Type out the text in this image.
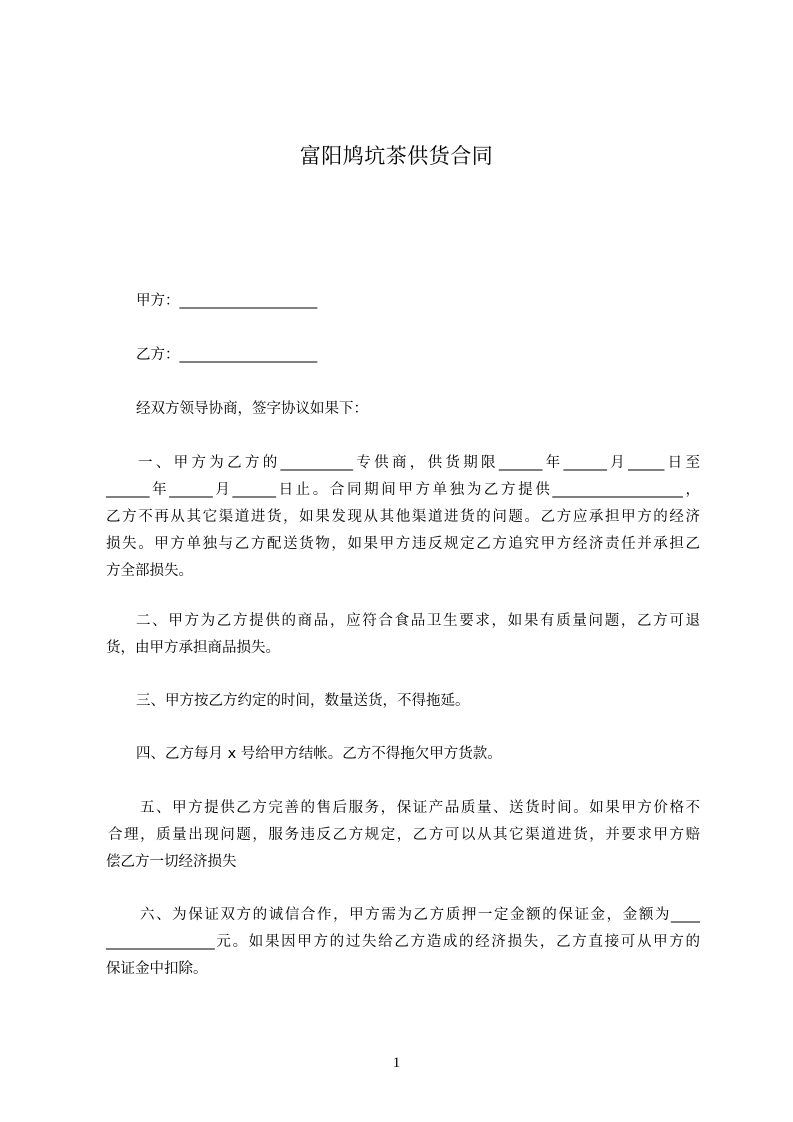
富阳鸠坑茶供货合同
甲方：___________________
乙方：___________________
经双方领导协商，签字协议如果下：
一、甲方为乙方的__________专供商，供货期限______年______月_____日至
______年______月______日止。合同期间甲方单独为乙方提供__________________，
乙方不再从其它渠道进货，如果发现从其他渠道进货的问题。乙方应承担甲方的经济
损失。甲方单独与乙方配送货物，如果甲方违反规定乙方追究甲方经济责任并承担乙
方全部损失。
二、甲方为乙方提供的商品，应符合食品卫生要求，如果有质量问题，乙方可退
货，由甲方承担商品损失。
三、甲方按乙方约定的时间，数量送货，不得拖延。
四、乙方每月 x 号给甲方结帐。乙方不得拖欠甲方货款。
五、甲方提供乙方完善的售后服务，保证产品质量、送货时间。如果甲方价格不
合理，质量出现问题，服务违反乙方规定，乙方可以从其它渠道进货，并要求甲方赔
偿乙方一切经济损失
六、为保证双方的诚信合作，甲方需为乙方质押一定金额的保证金，金额为____
_______________元。如果因甲方的过失给乙方造成的经济损失，乙方直接可从甲方的
保证金中扣除。
1
